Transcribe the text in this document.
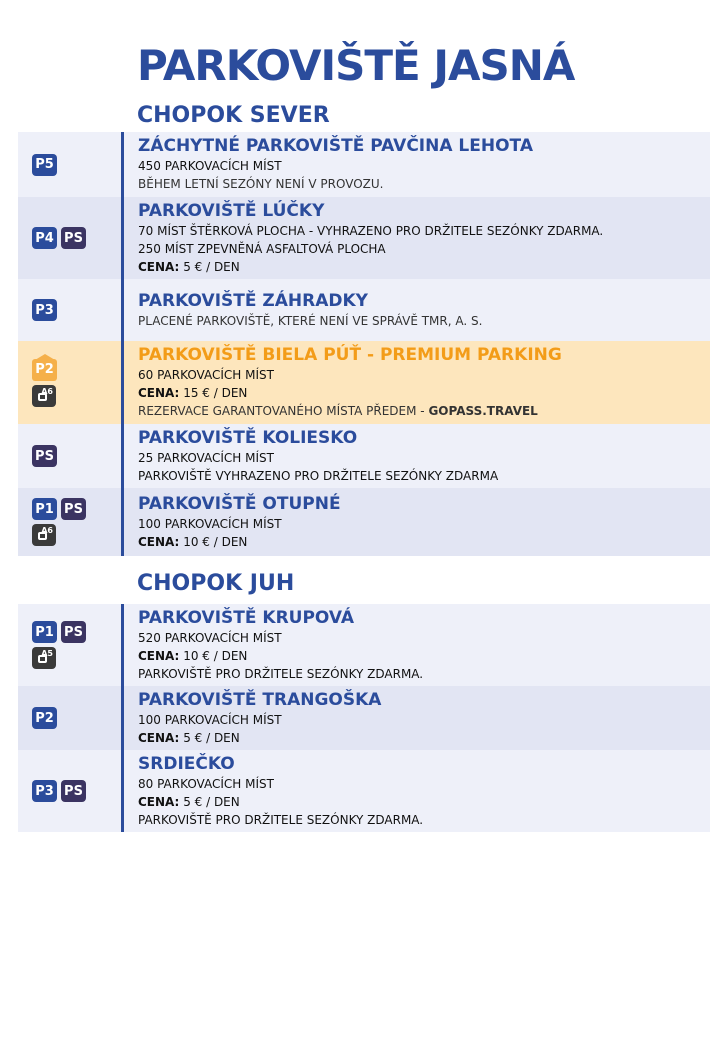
PARKOVIŠTĚ JASNÁ
CHOPOK SEVER
P5

ZÁCHYTNÉ PARKOVIŠTĚ PAVČINA LEHOTA

450 PARKOVACÍCH MÍST

BĚHEM LETNÍ SEZÓNY NENÍ V PROVOZU.

P4 PS

PARKOVIŠTĚ LÚČKY

70 MÍST ŠTĚRKOVÁ PLOCHA - VYHRAZENO PRO DRŽITELE SEZÓNKY ZDARMA.

250 MÍST ZPEVNĚNÁ ASFALTOVÁ PLOCHA

CENA: 5 € / DEN

P3	PARKOVIŠTĚ ZÁHRADKY

PLACENÉ PARKOVIŠTĚ, KTERÉ NENÍ VE SPRÁVĚ TMR, A. S.

P2
A6

PARKOVIŠTĚ BIELA PÚŤ - PREMIUM PARKING

60 PARKOVACÍCH MÍST

CENA: 15 € / DEN

REZERVACE GARANTOVANÉHO MÍSTA PŘEDEM - GOPASS.TRAVEL

PS

PARKOVIŠTĚ KOLIESKO

25 PARKOVACÍCH MÍST

PARKOVIŠTĚ VYHRAZENO PRO DRŽITELE SEZÓNKY ZDARMA

P1 PS
A6

PARKOVIŠTĚ OTUPNÉ

100 PARKOVACÍCH MÍST

CENA: 10 € / DEN

CHOPOK JUH
P1 PS
A5

PARKOVIŠTĚ KRUPOVÁ

520 PARKOVACÍCH MÍST

CENA: 10 € / DEN

PARKOVIŠTĚ PRO DRŽITELE SEZÓNKY ZDARMA.

P2

PARKOVIŠTĚ TRANGOŠKA

100 PARKOVACÍCH MÍST

CENA: 5 € / DEN

P3 PS

SRDIEČKO

80 PARKOVACÍCH MÍST

CENA: 5 € / DEN

PARKOVIŠTĚ PRO DRŽITELE SEZÓNKY ZDARMA.
